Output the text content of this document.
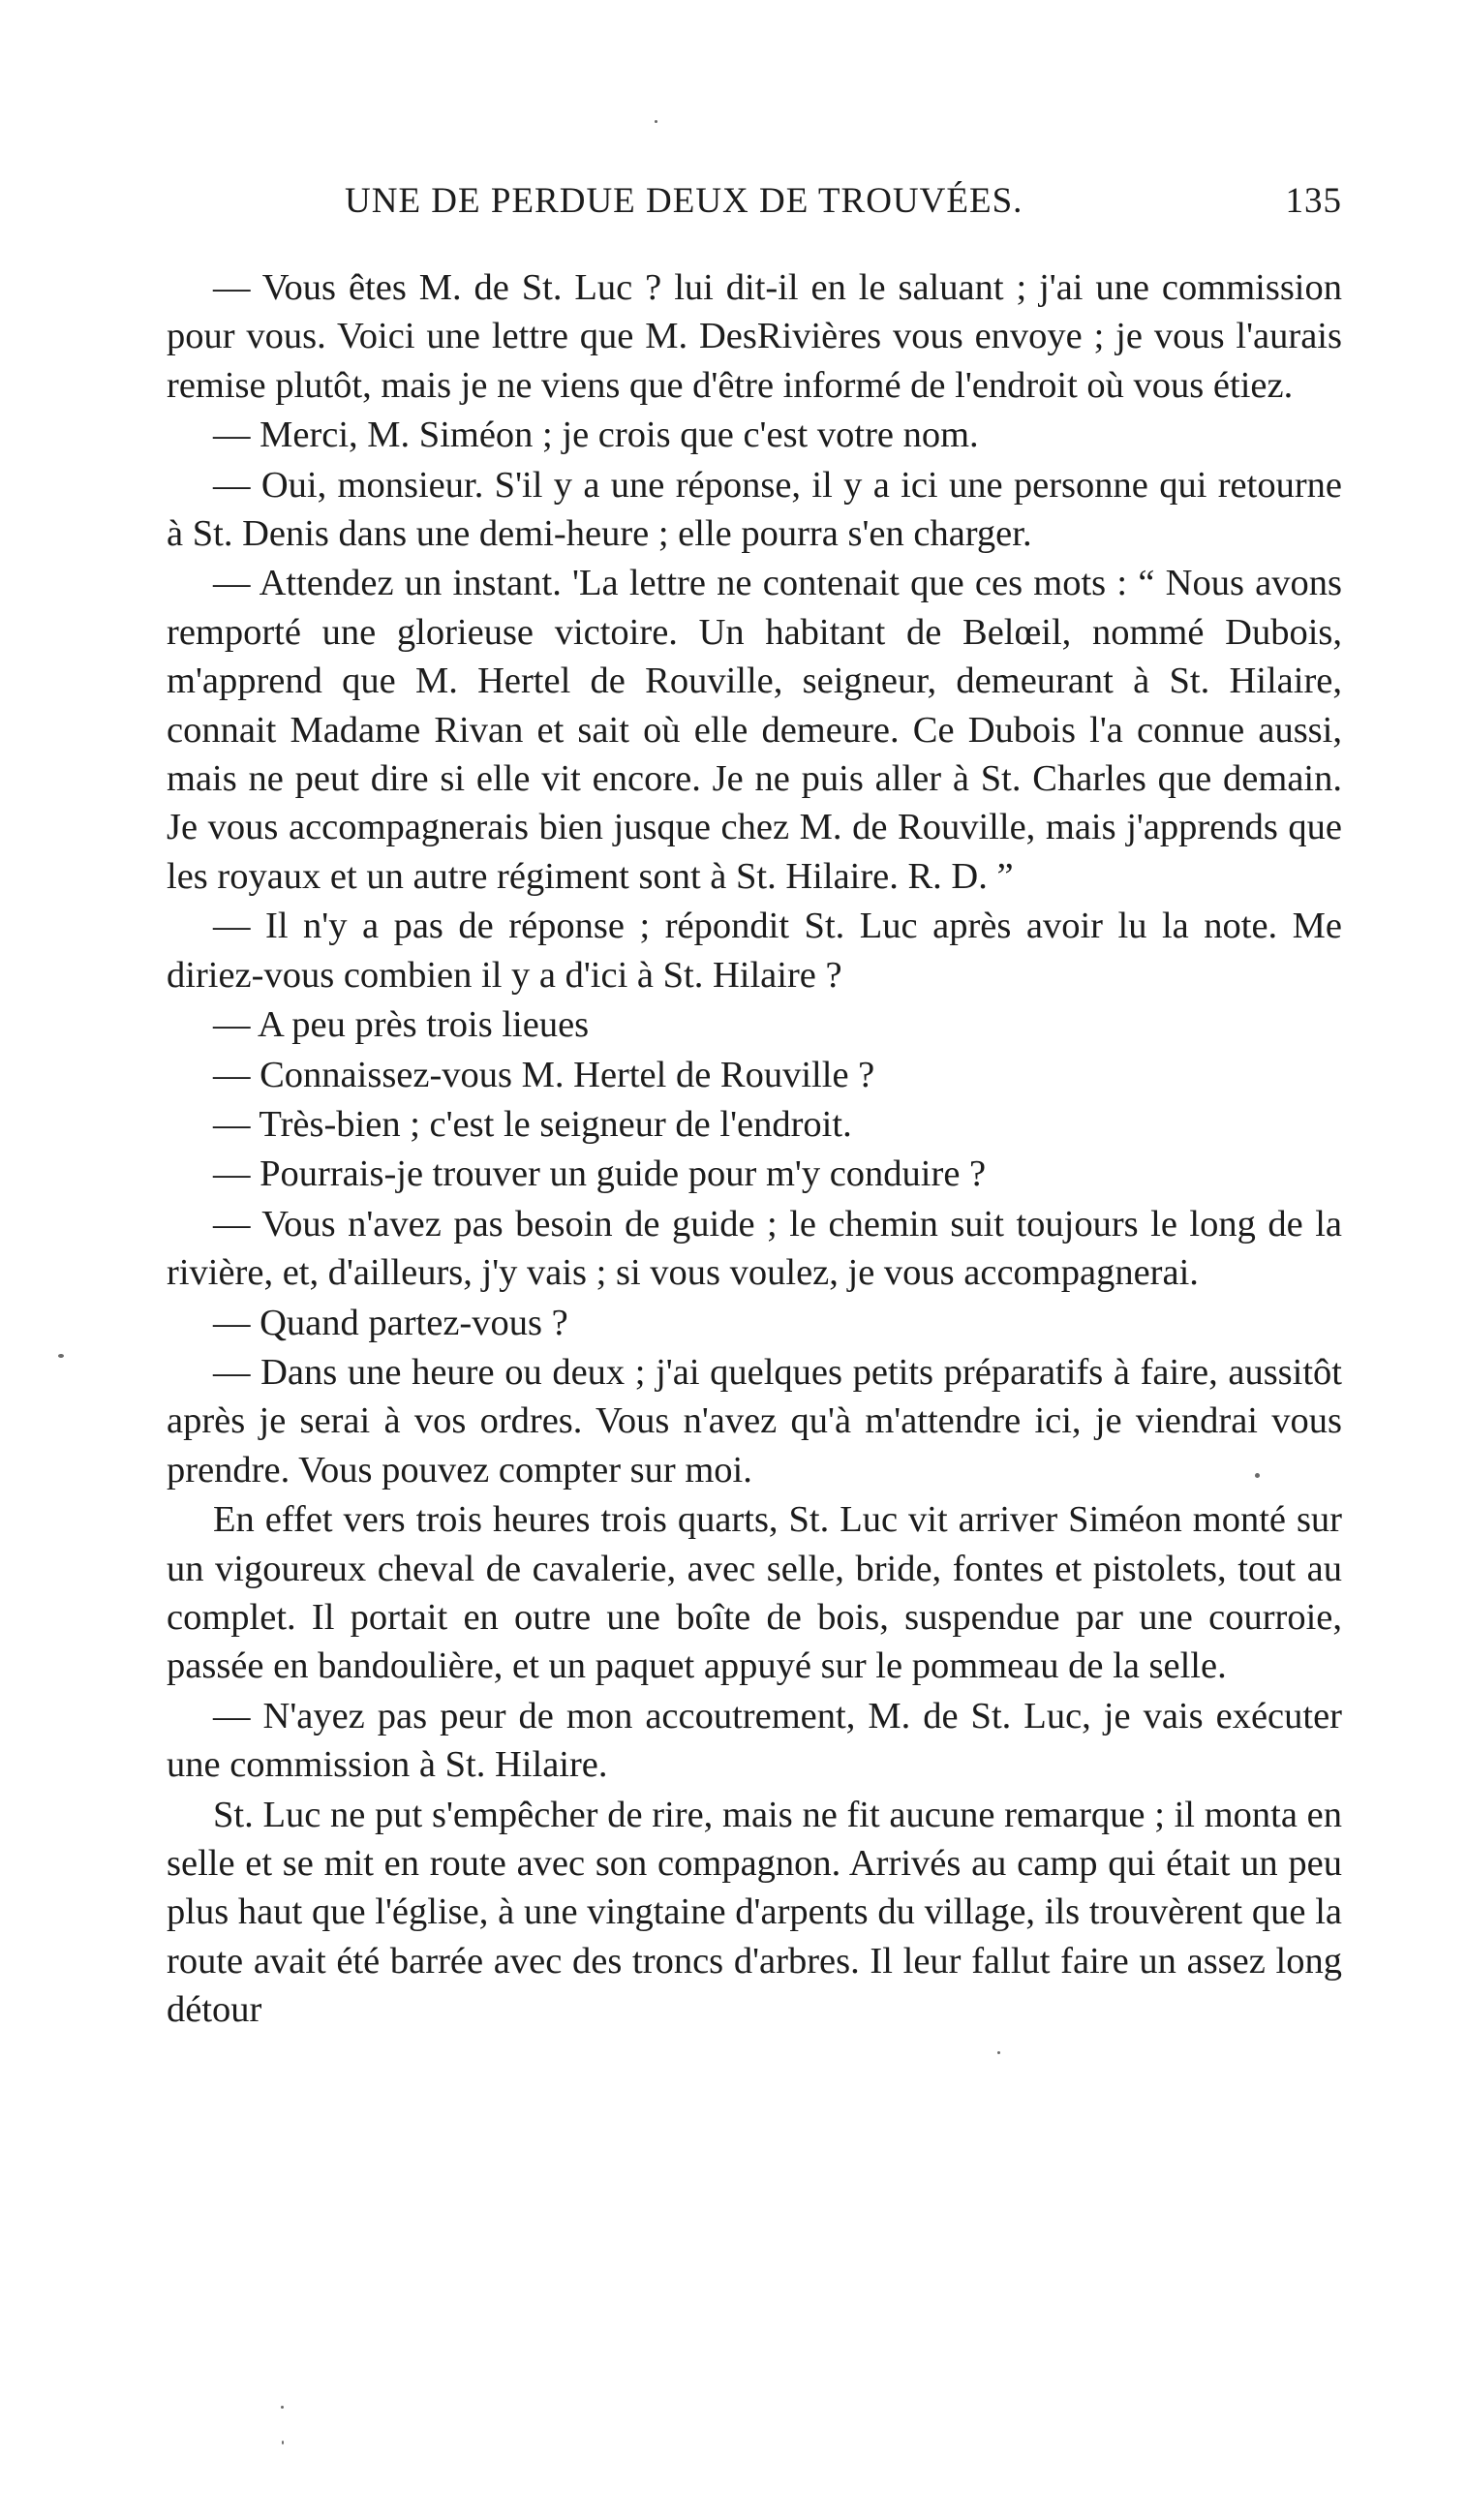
UNE DE PERDUE DEUX DE TROUVÉES.	135

— Vous êtes M. de St. Luc ? lui dit-il en le saluant ; j'ai une commission pour vous. Voici une lettre que M. DesRivières vous envoye ; je vous l'aurais remise plutôt, mais je ne viens que d'être informé de l'endroit où vous étiez.

— Merci, M. Siméon ; je crois que c'est votre nom.

— Oui, monsieur. S'il y a une réponse, il y a ici une personne qui retourne à St. Denis dans une demi-heure ; elle pourra s'en charger.

— Attendez un instant. 'La lettre ne contenait que ces mots : “ Nous avons remporté une glorieuse victoire. Un habitant de Belœil, nommé Dubois, m'apprend que M. Hertel de Rouville, seigneur, demeurant à St. Hilaire, connait Madame Rivan et sait où elle demeure. Ce Dubois l'a connue aussi, mais ne peut dire si elle vit encore. Je ne puis aller à St. Charles que demain. Je vous accompagnerais bien jusque chez M. de Rouville, mais j'apprends que les royaux et un autre régiment sont à St. Hilaire. R. D. ”

— Il n'y a pas de réponse ; répondit St. Luc après avoir lu la note. Me diriez-vous combien il y a d'ici à St. Hilaire ?

— A peu près trois lieues

— Connaissez-vous M. Hertel de Rouville ?

— Très-bien ; c'est le seigneur de l'endroit.

— Pourrais-je trouver un guide pour m'y conduire ?

— Vous n'avez pas besoin de guide ; le chemin suit toujours le long de la rivière, et, d'ailleurs, j'y vais ; si vous voulez, je vous accompagnerai.

— Quand partez-vous ?

— Dans une heure ou deux ; j'ai quelques petits préparatifs à faire, aussitôt après je serai à vos ordres. Vous n'avez qu'à m'attendre ici, je viendrai vous prendre. Vous pouvez compter sur moi.

En effet vers trois heures trois quarts, St. Luc vit arriver Siméon monté sur un vigoureux cheval de cavalerie, avec selle, bride, fontes et pistolets, tout au complet. Il portait en outre une boîte de bois, suspendue par une courroie, passée en bandoulière, et un paquet appuyé sur le pommeau de la selle.

— N'ayez pas peur de mon accoutrement, M. de St. Luc, je vais exécuter une commission à St. Hilaire.

St. Luc ne put s'empêcher de rire, mais ne fit aucune remarque ; il monta en selle et se mit en route avec son compagnon. Arrivés au camp qui était un peu plus haut que l'église, à une vingtaine d'arpents du village, ils trouvèrent que la route avait été barrée avec des troncs d'arbres. Il leur fallut faire un assez long détour
